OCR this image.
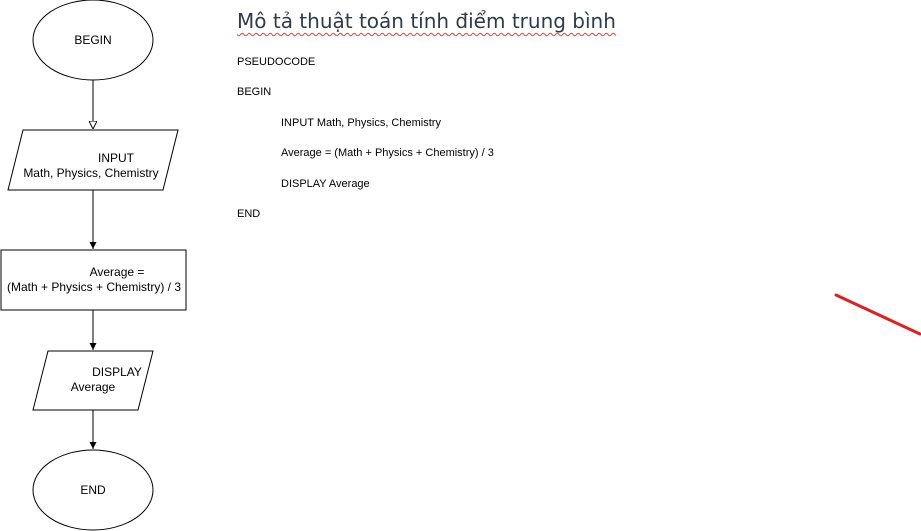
BEGIN
INPUT
Math, Physics, Chemistry
Average =
(Math + Physics + Chemistry) / 3
DISPLAY
Average
END
Mô tả thuật toán tính điểm trung bình

PSEUDOCODE

BEGIN

INPUT Math, Physics, Chemistry

Average = (Math + Physics + Chemistry) / 3

DISPLAY Average

END
